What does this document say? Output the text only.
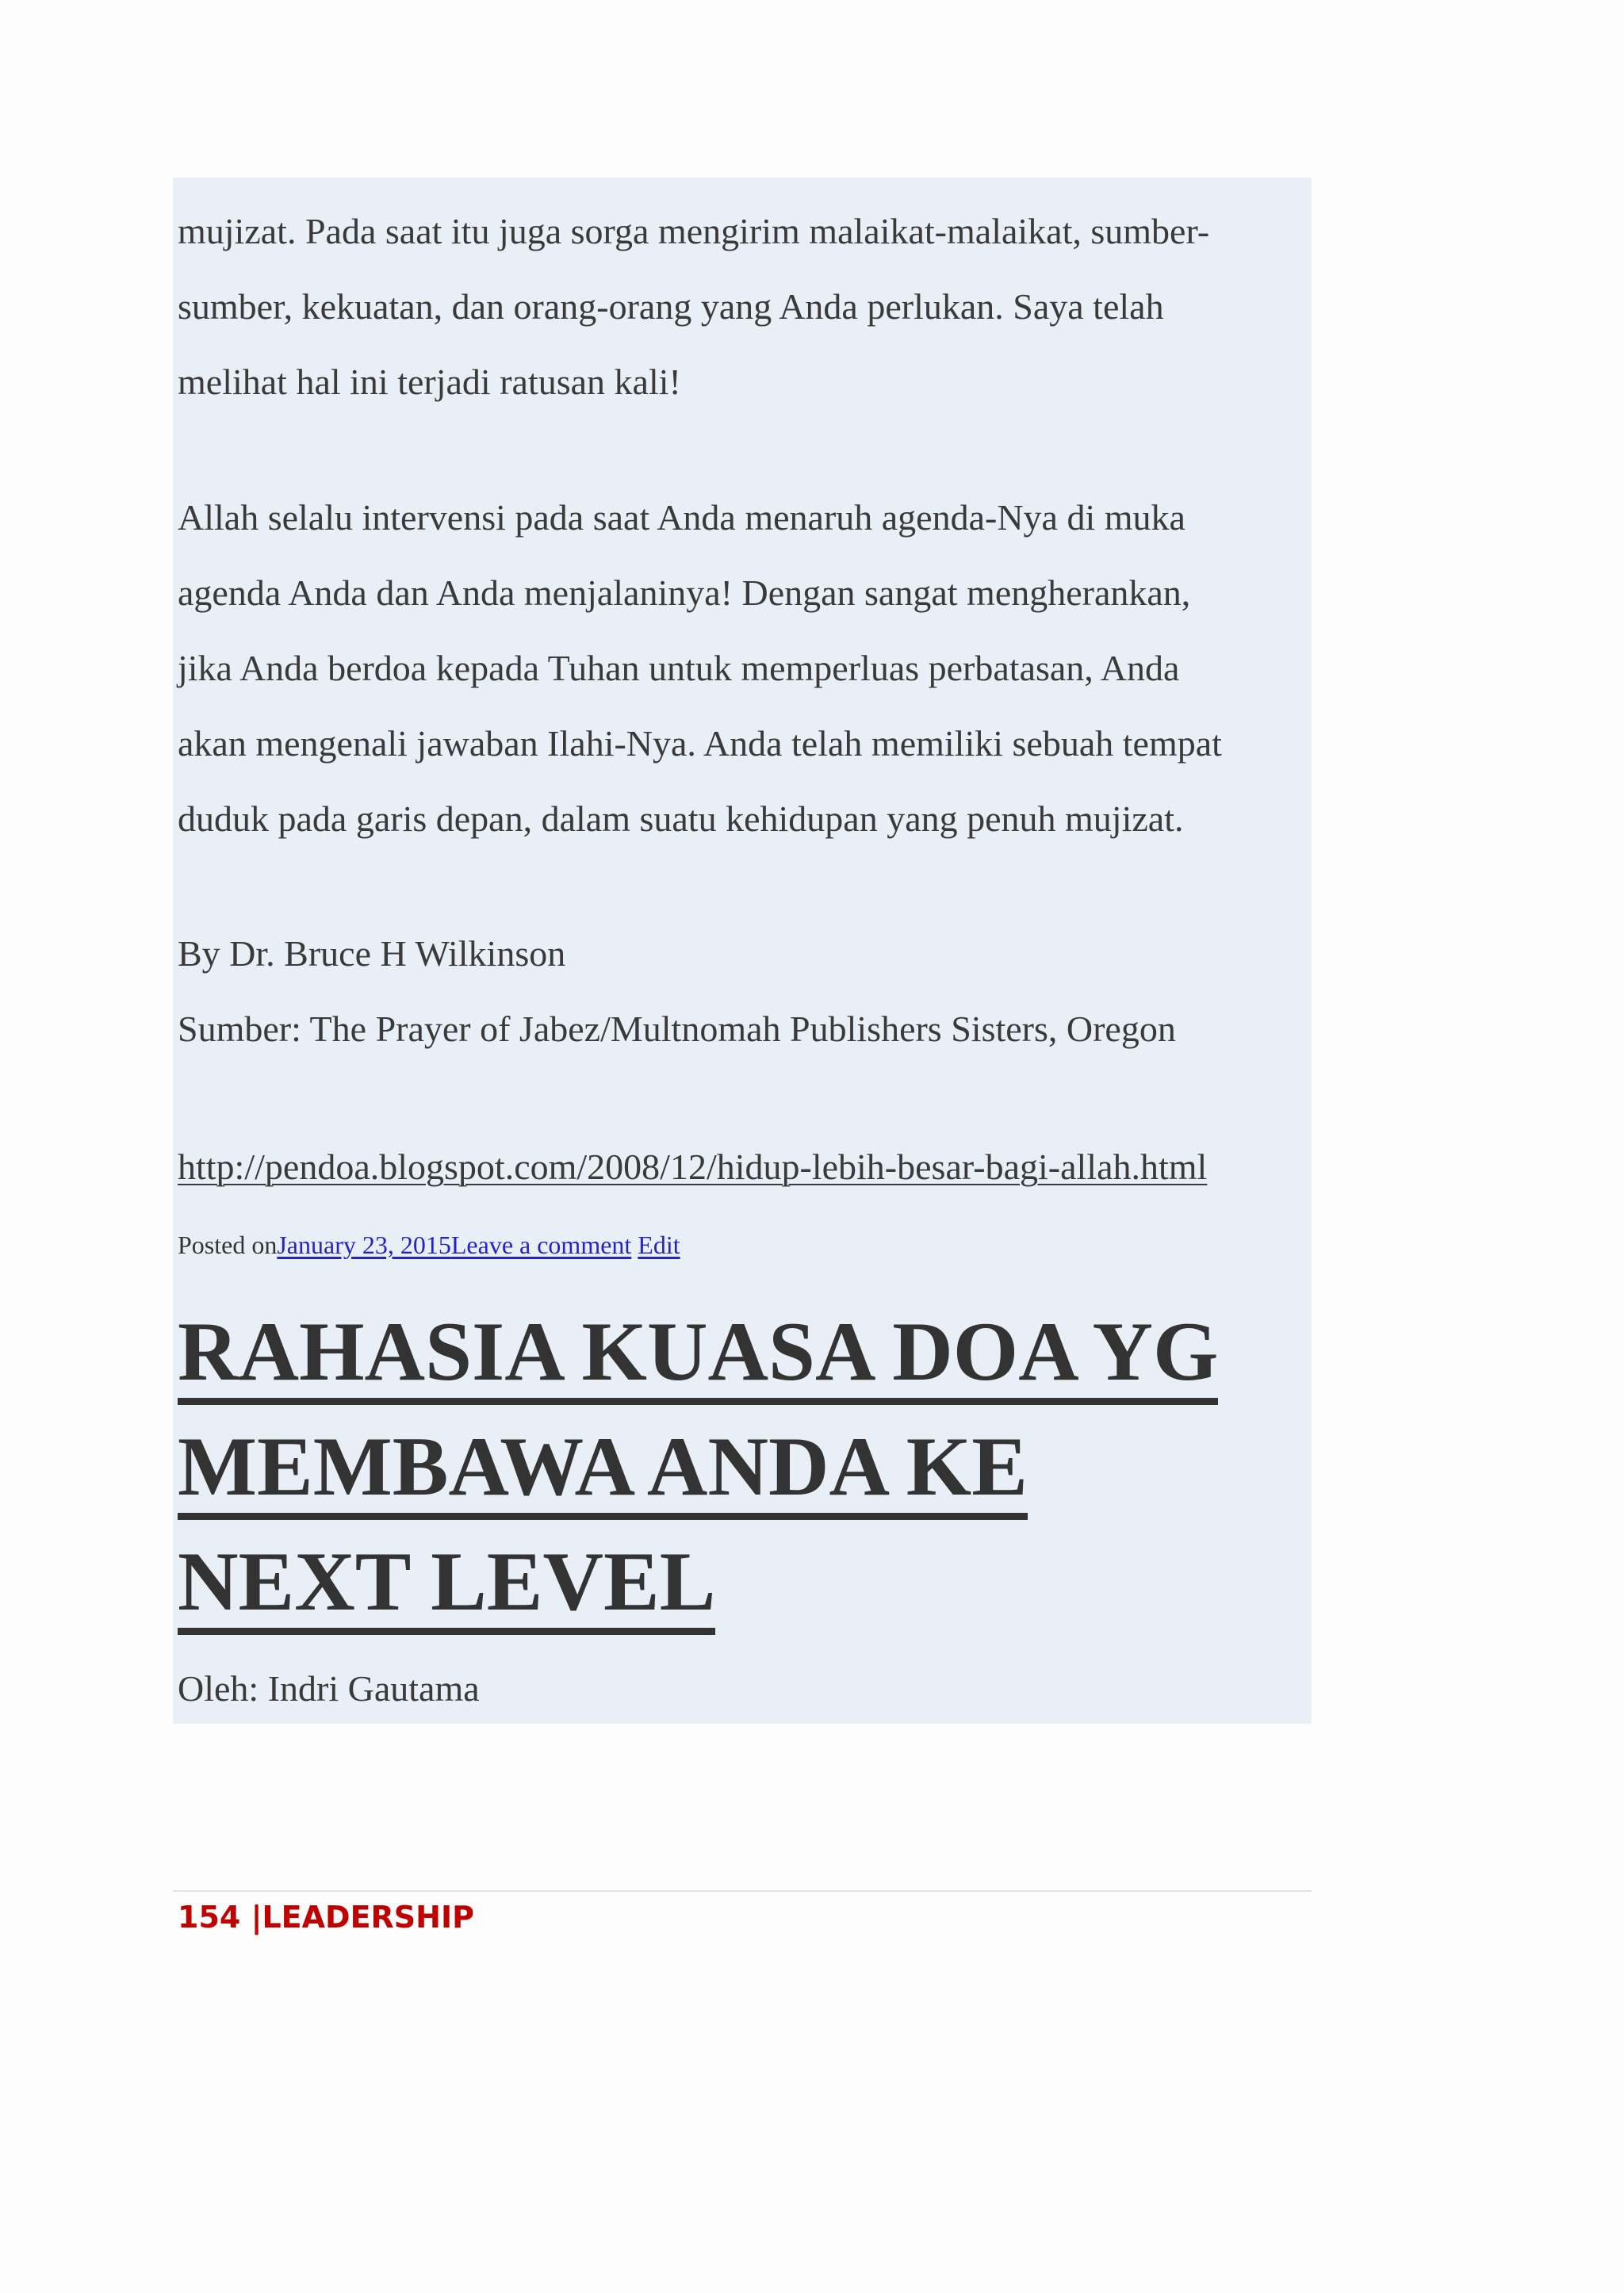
mujizat. Pada saat itu juga sorga mengirim malaikat-malaikat, sumber-
sumber, kekuatan, dan orang-orang yang Anda perlukan. Saya telah
melihat hal ini terjadi ratusan kali!

Allah selalu intervensi pada saat Anda menaruh agenda-Nya di muka
agenda Anda dan Anda menjalaninya! Dengan sangat mengherankan,
jika Anda berdoa kepada Tuhan untuk memperluas perbatasan, Anda
akan mengenali jawaban Ilahi-Nya. Anda telah memiliki sebuah tempat
duduk pada garis depan, dalam suatu kehidupan yang penuh mujizat.

By Dr. Bruce H Wilkinson
Sumber: The Prayer of Jabez/Multnomah Publishers Sisters, Oregon

http://pendoa.blogspot.com/2008/12/hidup-lebih-besar-bagi-allah.html

Posted onJanuary 23, 2015Leave a comment Edit
RAHASIA KUASA DOA YG
MEMBAWA ANDA KE
NEXT LEVEL

Oleh: Indri Gautama

154 |LEADERSHIP
